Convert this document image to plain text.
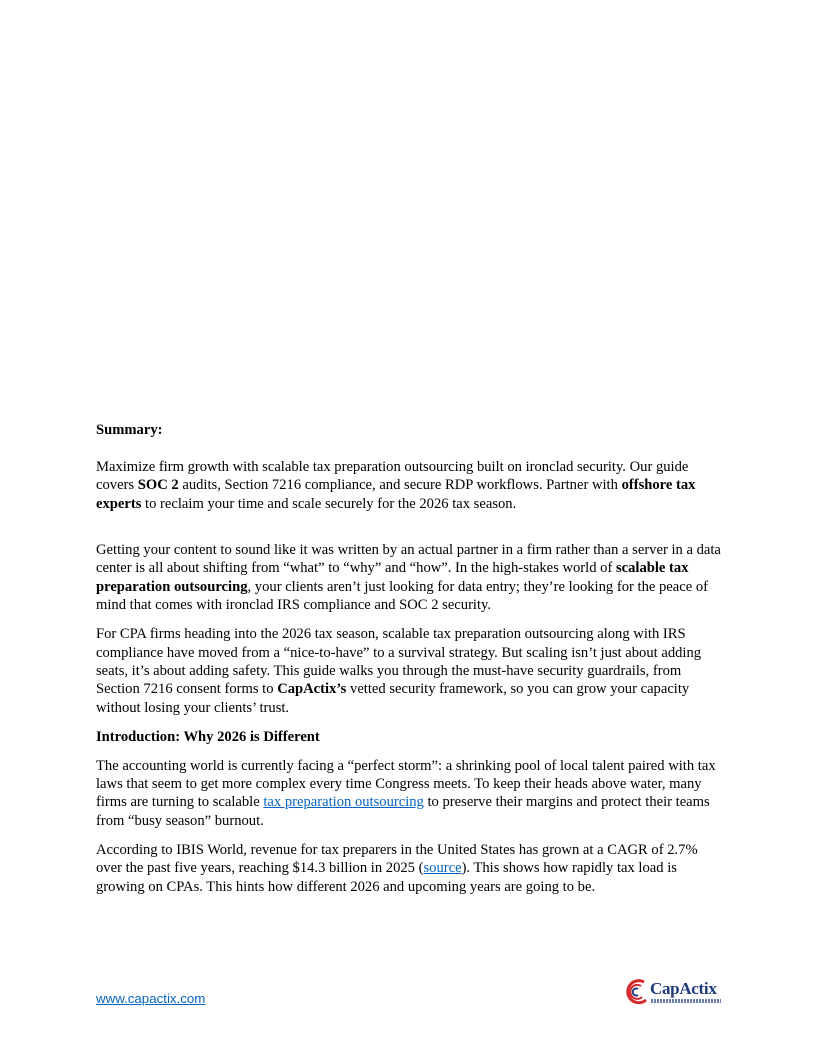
Summary:

Maximize firm growth with scalable tax preparation outsourcing built on ironclad security. Our guide covers SOC 2 audits, Section 7216 compliance, and secure RDP workflows. Partner with offshore tax experts to reclaim your time and scale securely for the 2026 tax season.

Getting your content to sound like it was written by an actual partner in a firm rather than a server in a data center is all about shifting from “what” to “why” and “how”. In the high-stakes world of scalable tax preparation outsourcing, your clients aren’t just looking for data entry; they’re looking for the peace of mind that comes with ironclad IRS compliance and SOC 2 security.

For CPA firms heading into the 2026 tax season, scalable tax preparation outsourcing along with IRS compliance have moved from a “nice-to-have” to a survival strategy. But scaling isn’t just about adding seats, it’s about adding safety. This guide walks you through the must-have security guardrails, from Section 7216 consent forms to CapActix’s vetted security framework, so you can grow your capacity without losing your clients’ trust.

Introduction: Why 2026 is Different

The accounting world is currently facing a “perfect storm”: a shrinking pool of local talent paired with tax laws that seem to get more complex every time Congress meets. To keep their heads above water, many firms are turning to scalable tax preparation outsourcing to preserve their margins and protect their teams from “busy season” burnout.

According to IBIS World, revenue for tax preparers in the United States has grown at a CAGR of 2.7% over the past five years, reaching $14.3 billion in 2025 (source). This shows how rapidly tax load is growing on CPAs. This hints how different 2026 and upcoming years are going to be.

www.capactix.com
CapActix
